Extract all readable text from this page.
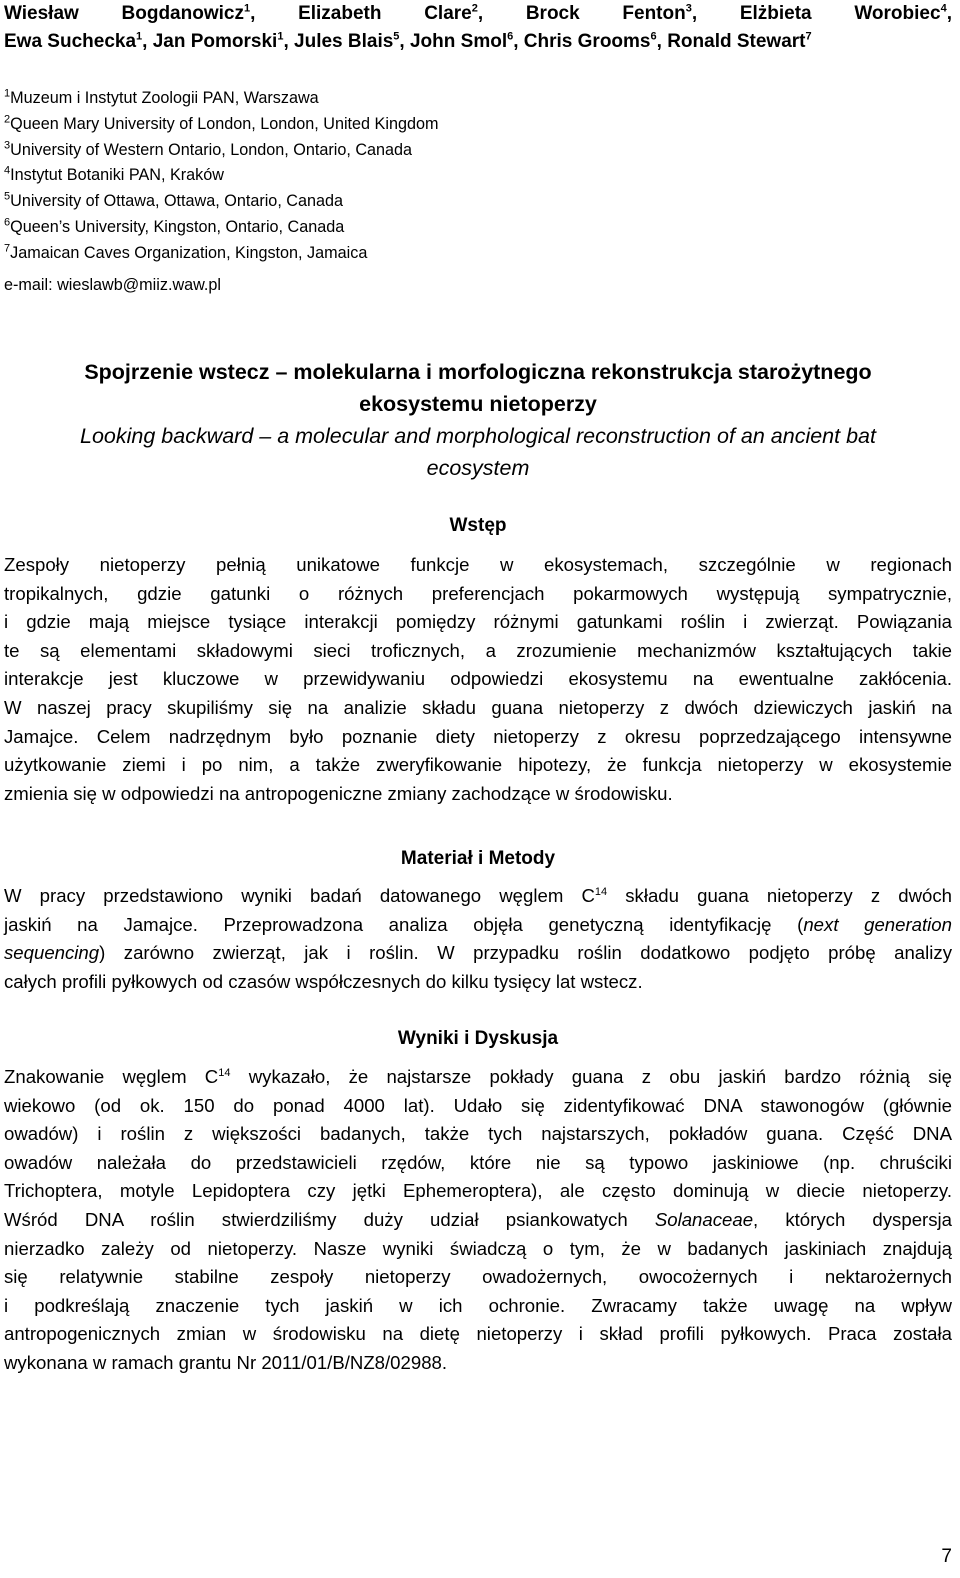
Wiesław Bogdanowicz$^1$, Elizabeth Clare$^2$, Brock Fenton$^3$, Elżbieta Worobiec$^4$,
Ewa Suchecka$^1$, Jan Pomorski$^1$, Jules Blais$^5$, John Smol$^6$, Chris Grooms$^6$, Ronald Stewart$^7$
$^1$Muzeum i Instytut Zoologii PAN, Warszawa
$^2$Queen Mary University of London, London, United Kingdom
$^3$University of Western Ontario, London, Ontario, Canada
$^4$Instytut Botaniki PAN, Kraków
$^5$University of Ottawa, Ottawa, Ontario, Canada
$^6$Queen’s University, Kingston, Ontario, Canada
$^7$Jamaican Caves Organization, Kingston, Jamaica
e-mail: wieslawb@miiz.waw.pl
Spojrzenie wstecz – molekularna i morfologiczna rekonstrukcja starożytnego
ekosystemu nietoperzy
Looking backward – a molecular and morphological reconstruction of an ancient bat
ecosystem
Wstęp
Zespoły nietoperzy pełnią unikatowe funkcje w ekosystemach, szczególnie w regionach
tropikalnych, gdzie gatunki o różnych preferencjach pokarmowych występują sympatrycznie,
i gdzie mają miejsce tysiące interakcji pomiędzy różnymi gatunkami roślin i zwierząt. Powiązania
te są elementami składowymi sieci troficznych, a zrozumienie mechanizmów kształtujących takie
interakcje jest kluczowe w przewidywaniu odpowiedzi ekosystemu na ewentualne zakłócenia.
W naszej pracy skupiliśmy się na analizie składu guana nietoperzy z dwóch dziewiczych jaskiń na
Jamajce. Celem nadrzędnym było poznanie diety nietoperzy z okresu poprzedzającego intensywne
użytkowanie ziemi i po nim, a także zweryfikowanie hipotezy, że funkcja nietoperzy w ekosystemie
zmienia się w odpowiedzi na antropogeniczne zmiany zachodzące w środowisku.
Materiał i Metody
W pracy przedstawiono wyniki badań datowanego węglem $C^{14}$ składu guana nietoperzy z dwóch
jaskiń na Jamajce. Przeprowadzona analiza objęła genetyczną identyfikację (next generation
sequencing) zarówno zwierząt, jak i roślin. W przypadku roślin dodatkowo podjęto próbę analizy
całych profili pyłkowych od czasów współczesnych do kilku tysięcy lat wstecz.
Wyniki i Dyskusja
Znakowanie węglem $C^{14}$ wykazało, że najstarsze pokłady guana z obu jaskiń bardzo różnią się
wiekowo (od ok. 150 do ponad 4000 lat). Udało się zidentyfikować DNA stawonogów (głównie
owadów) i roślin z większości badanych, także tych najstarszych, pokładów guana. Część DNA
owadów należała do przedstawicieli rzędów, które nie są typowo jaskiniowe (np. chruściki
Trichoptera, motyle Lepidoptera czy jętki Ephemeroptera), ale często dominują w diecie nietoperzy.
Wśród DNA roślin stwierdziliśmy duży udział psiankowatych Solanaceae, których dyspersja
nierzadko zależy od nietoperzy. Nasze wyniki świadczą o tym, że w badanych jaskiniach znajdują
się relatywnie stabilne zespoły nietoperzy owadożernych, owocożernych i nektarożernych
i podkreślają znaczenie tych jaskiń w ich ochronie. Zwracamy także uwagę na wpływ
antropogenicznych zmian w środowisku na dietę nietoperzy i skład profili pyłkowych. Praca została
wykonana w ramach grantu Nr 2011/01/B/NZ8/02988.
7
